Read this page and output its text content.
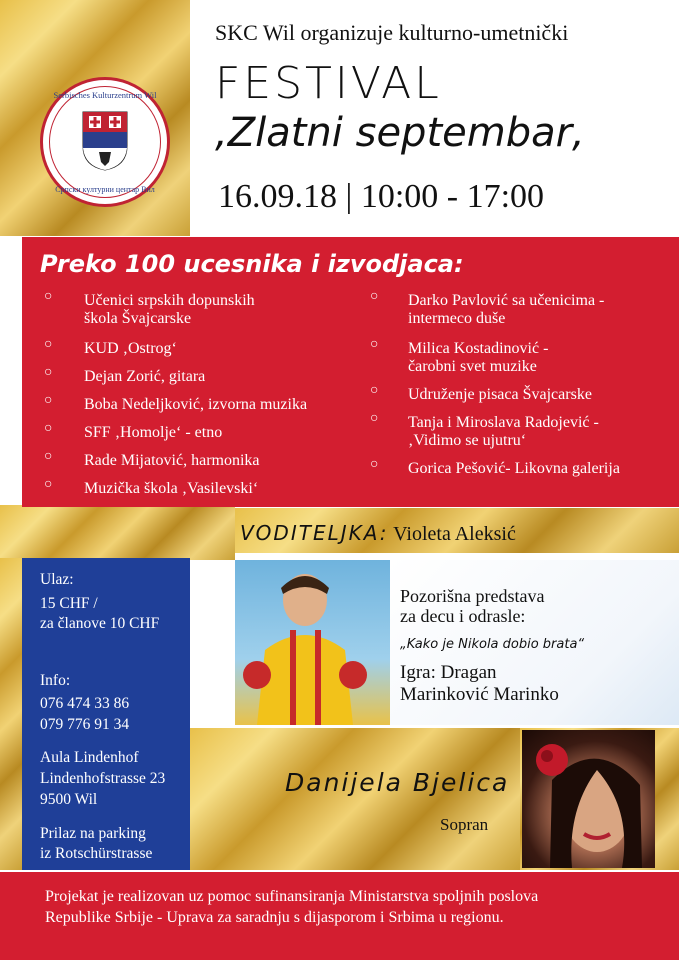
Serbisches Kulturzentrum Wil
Српски културни центар Вил
SKC Wil organizuje kulturno-umetnički
FESTIVAL
‚Zlatni septembar‚
16.09.18 | 10:00 - 17:00
Preko 100 ucesnika i izvodjaca:
○ Učenici srpskih dopunskih
škola Švajcarske
○ KUD ‚Ostrog‘
○ Dejan Zorić, gitara
○ Boba Nedeljković, izvorna muzika
○ SFF ‚Homolje‘ - etno
○ Rade Mijatović, harmonika
○ Muzička škola ‚Vasilevski‘
○ Darko Pavlović sa učenicima -
intermeco duše
○ Milica Kostadinović -
čarobni svet muzike
○ Udruženje pisaca Švajcarske
○ Tanja i Miroslava Radojević -
‚Vidimo se ujutru‘
○ Gorica Pešović- Likovna galerija
VODITELJKA: Violeta Aleksić
Ulaz:
15 CHF /
za članove 10 CHF
Info:
076 474 33 86
079 776 91 34
Aula Lindenhof
Lindenhofstrasse 23
9500 Wil
Prilaz na parking
iz Rotschürstrasse
Pozorišna predstava
za decu i odrasle:
„Kako je Nikola dobio brata“
Igra: Dragan
Marinković Marinko
Danijela Bjelica
Sopran
Projekat je realizovan uz pomoc sufinansiranja Ministarstva spoljnih poslova
Republike Srbije - Uprava za saradnju s dijasporom i Srbima u regionu.
